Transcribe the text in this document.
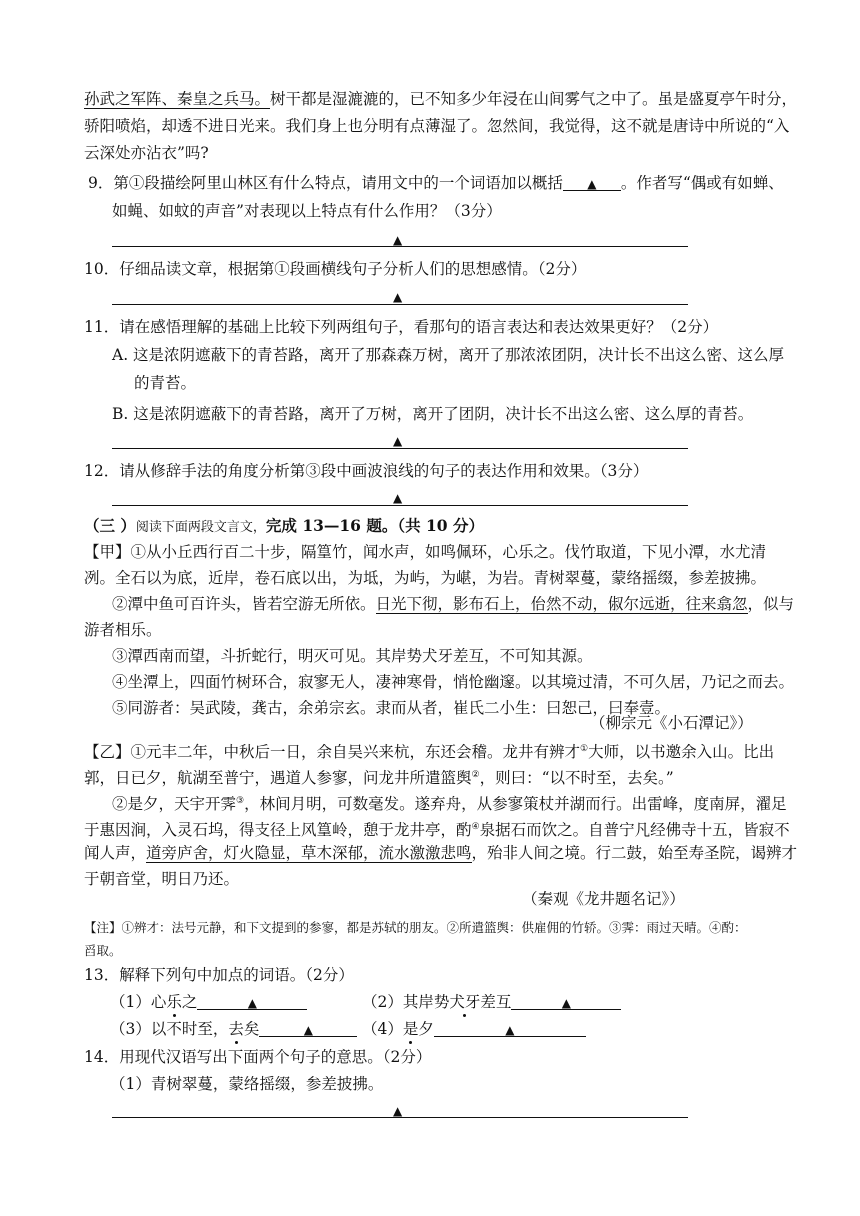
孙武之军阵、秦皇之兵马。树干都是湿漉漉的，已不知多少年浸在山间雾气之中了。虽是盛夏亭午时分，
骄阳喷焰，却透不进日光来。我们身上也分明有点薄湿了。忽然间，我觉得，这不就是唐诗中所说的“入
云深处亦沾衣”吗?
9．第①段描绘阿里山林区有什么特点，请用文中的一个词语加以概括 ▲ 。作者写“偶或有如蝉、
如蝇、如蚊的声音”对表现以上特点有什么作用？（3分）
▲
10．仔细品读文章，根据第①段画横线句子分析人们的思想感情。（2分）
▲
11．请在感悟理解的基础上比较下列两组句子，看那句的语言表达和表达效果更好？（2分）
A. 这是浓阴遮蔽下的青苔路，离开了那森森万树，离开了那浓浓团阴，决计长不出这么密、这么厚
的青苔。
B. 这是浓阴遮蔽下的青苔路，离开了万树，离开了团阴，决计长不出这么密、这么厚的青苔。
▲
12．请从修辞手法的角度分析第③段中画波浪线的句子的表达作用和效果。（3分）
▲
（三 ）阅读下面两段文言文，完成 13—16 题。（共 10 分）
【甲】①从小丘西行百二十步，隔篁竹，闻水声，如鸣佩环，心乐之。伐竹取道，下见小潭，水尤清
冽。全石以为底，近岸，卷石底以出，为坻，为屿，为嵁，为岩。青树翠蔓，蒙络摇缀，参差披拂。
②潭中鱼可百许头，皆若空游无所依。日光下彻，影布石上，佁然不动，俶尔远逝，往来翕忽，似与
游者相乐。
③潭西南而望，斗折蛇行，明灭可见。其岸势犬牙差互，不可知其源。
④坐潭上，四面竹树环合，寂寥无人，凄神寒骨，悄怆幽邃。以其境过清，不可久居，乃记之而去。
⑤同游者：吴武陵，龚古，余弟宗玄。隶而从者，崔氏二小生：曰恕己，曰奉壹。
（柳宗元《小石潭记》）
【乙】①元丰二年，中秋后一日，余自吴兴来杭，东还会稽。龙井有辨才①大师，以书邀余入山。比出
郭，日已夕，航湖至普宁，遇道人参寥，问龙井所遣篮舆②，则曰：“以不时至，去矣。”
②是夕，天宇开霁③，林间月明，可数毫发。遂弃舟，从参寥策杖并湖而行。出雷峰，度南屏，濯足
于惠因涧，入灵石坞，得支径上风篁岭，憩于龙井亭，酌④泉据石而饮之。自普宁凡经佛寺十五，皆寂不
闻人声，道旁庐舍，灯火隐显，草木深郁，流水激激悲鸣，殆非人间之境。行二鼓，始至寿圣院，谒辨才
于朝音堂，明日乃还。
（秦观《龙井题名记》）
【注】①辨才：法号元静，和下文提到的参寥，都是苏轼的朋友。②所遣篮舆：供雇佣的竹轿。③霁：雨过天晴。④酌：
舀取。
13．解释下列句中加点的词语。（2分）
（1）心乐之	▲	（2）其岸势犬牙差互	▲
（3）以不时至，去矣	▲	（4）是夕	▲
14．用现代汉语写出下面两个句子的意思。（2分）
（1）青树翠蔓，蒙络摇缀，参差披拂。
▲
